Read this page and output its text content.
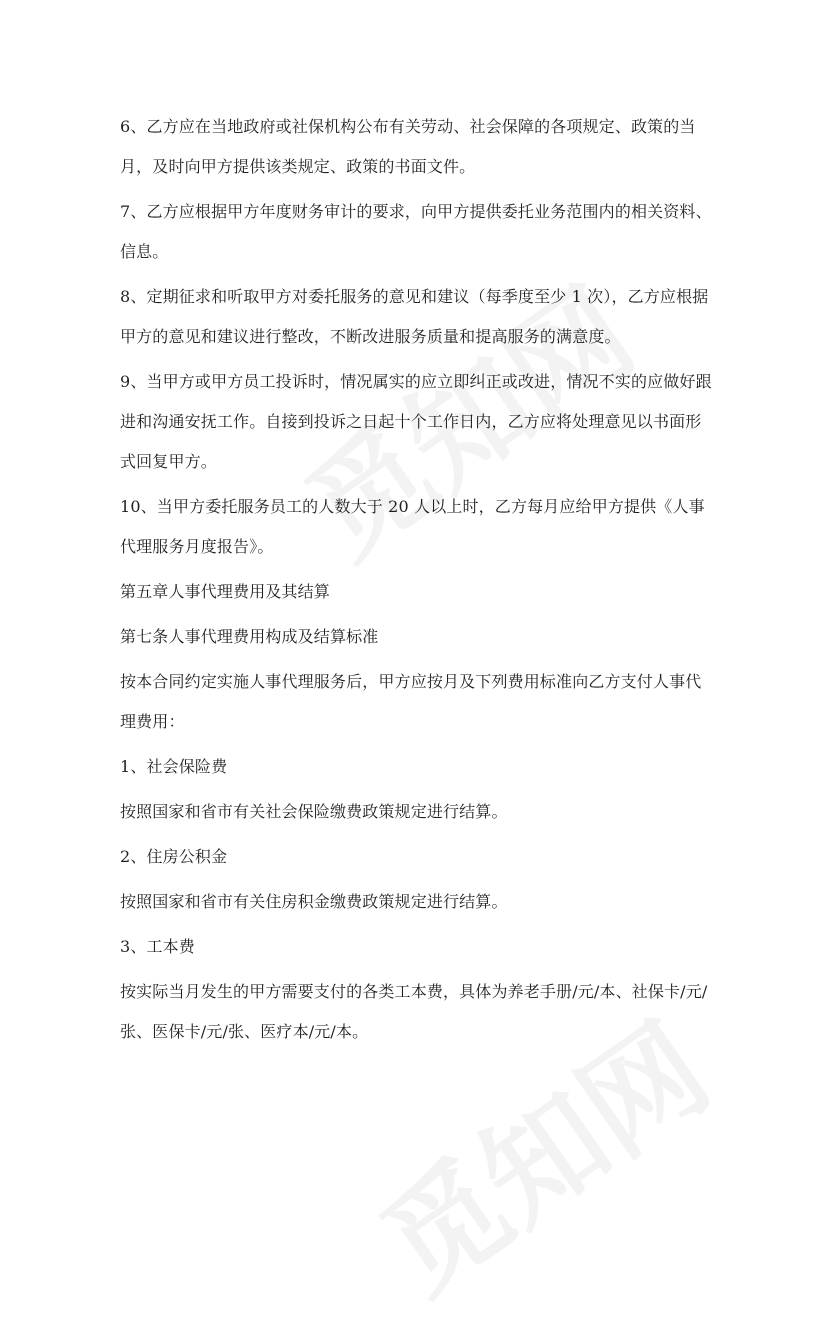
6、乙方应在当地政府或社保机构公布有关劳动、社会保障的各项规定、政策的当月，及时向甲方提供该类规定、政策的书面文件。

7、乙方应根据甲方年度财务审计的要求，向甲方提供委托业务范围内的相关资料、信息。

8、定期征求和听取甲方对委托服务的意见和建议（每季度至少 1 次），乙方应根据甲方的意见和建议进行整改，不断改进服务质量和提高服务的满意度。

9、当甲方或甲方员工投诉时，情况属实的应立即纠正或改进，情况不实的应做好跟进和沟通安抚工作。自接到投诉之日起十个工作日内，乙方应将处理意见以书面形式回复甲方。

10、当甲方委托服务员工的人数大于 20 人以上时，乙方每月应给甲方提供《人事代理服务月度报告》。

第五章人事代理费用及其结算

第七条人事代理费用构成及结算标准

按本合同约定实施人事代理服务后，甲方应按月及下列费用标准向乙方支付人事代理费用：

1、社会保险费

按照国家和省市有关社会保险缴费政策规定进行结算。

2、住房公积金

按照国家和省市有关住房积金缴费政策规定进行结算。

3、工本费

按实际当月发生的甲方需要支付的各类工本费，具体为养老手册/元/本、社保卡/元/张、医保卡/元/张、医疗本/元/本。
